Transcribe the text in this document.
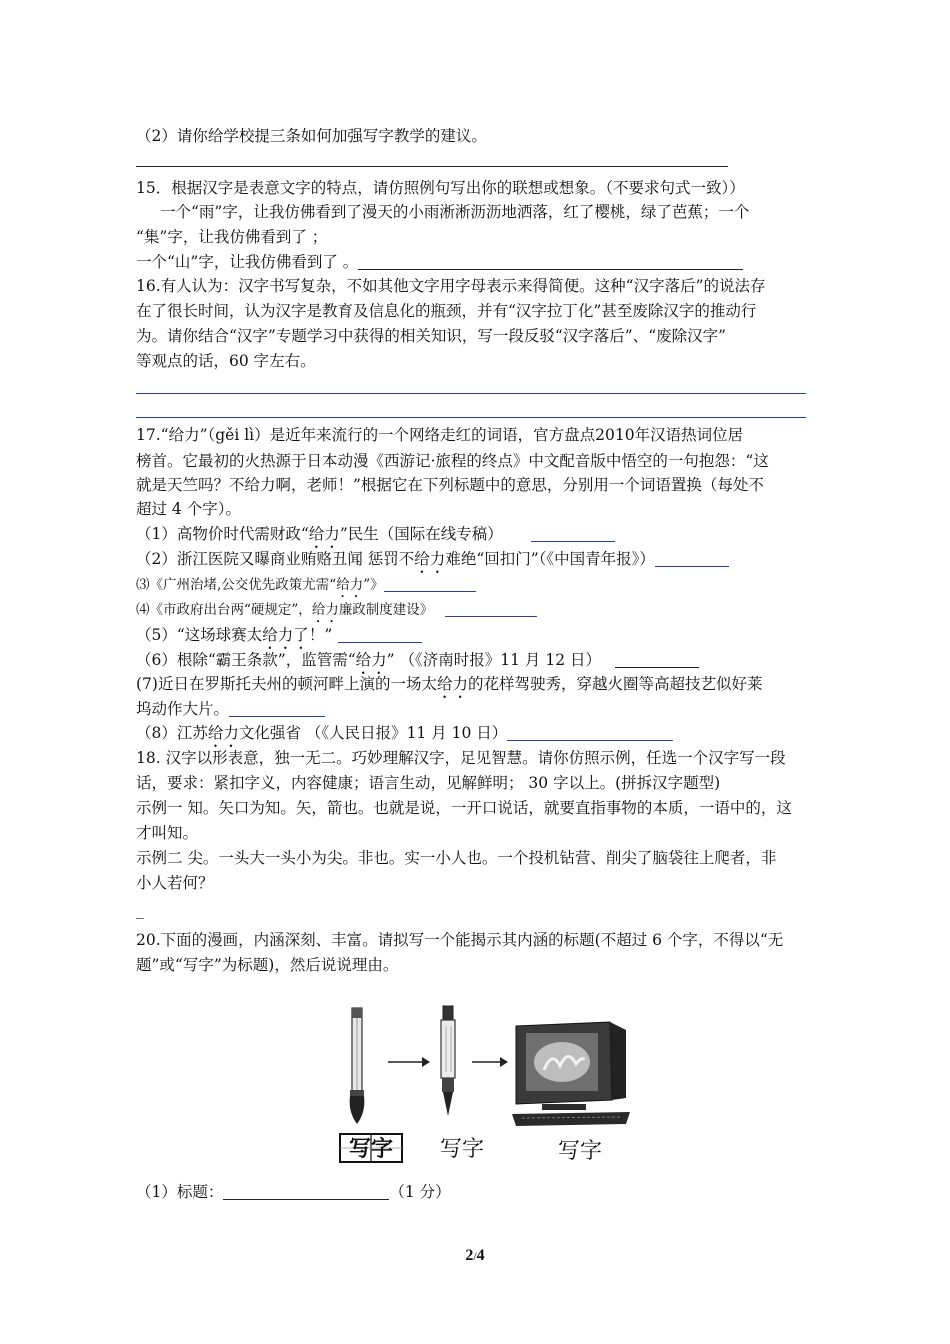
（2）请你给学校提三条如何加强写字教学的建议。
15．根据汉字是表意文字的特点，请仿照例句写出你的联想或想象。（不要求句式一致））
一个“雨”字，让我仿佛看到了漫天的小雨淅淅沥沥地洒落，红了樱桃，绿了芭蕉；一个
“集”字，让我仿佛看到了 ；
一个“山”字，让我仿佛看到了 。
16.有人认为：汉字书写复杂，不如其他文字用字母表示来得简便。这种“汉字落后”的说法存
在了很长时间，认为汉字是教育及信息化的瓶颈，并有“汉字拉丁化”甚至废除汉字的推动行
为。请你结合“汉字”专题学习中获得的相关知识，写一段反驳“汉字落后”、“废除汉字”
等观点的话，60 字左右。
17.“给力”（gěi lì）是近年来流行的一个网络走红的词语，官方盘点2010年汉语热词位居
榜首。它最初的火热源于日本动漫《西游记·旅程的终点》中文配音版中悟空的一句抱怨：“这
就是天竺吗？不给力啊，老师！”根据它在下列标题中的意思，分别用一个词语置换（每处不
超过 4 个字）。
（1）高物价时代需财政“给力”民生（国际在线专稿）
（2）浙江医院又曝商业贿赂丑闻 惩罚不给力难绝“回扣门”（《中国青年报》）
⑶《广州治堵,公交优先政策尤需“给力”》
⑷《市政府出台两“硬规定”，给力廉政制度建设》
（5）“这场球赛太给力了！”
（6）根除“霸王条款”，监管需“给力” （《济南时报》11 月 12 日）
(7)近日在罗斯托夫州的顿河畔上演的一场太给力的花样驾驶秀，穿越火圈等高超技艺似好莱
坞动作大片。
（8）江苏给力文化强省 （《人民日报》11 月 10 日）
18. 汉字以形表意，独一无二。巧妙理解汉字，足见智慧。请你仿照示例，任选一个汉字写一段
话，要求：紧扣字义，内容健康；语言生动，见解鲜明； 30 字以上。(拼拆汉字题型)
示例一 知。矢口为知。矢，箭也。也就是说，一开口说话，就要直指事物的本质，一语中的，这
才叫知。
示例二 尖。一头大一头小为尖。非也。实一小人也。一个投机钻营、削尖了脑袋往上爬者，非
小人若何？
_
20.下面的漫画，内涵深刻、丰富。请拟写一个能揭示其内涵的标题(不超过 6 个字，不得以“无
题”或“写字”为标题)，然后说说理由。
写字 写字	写字
（1）标题：	（1 分）
2/4
